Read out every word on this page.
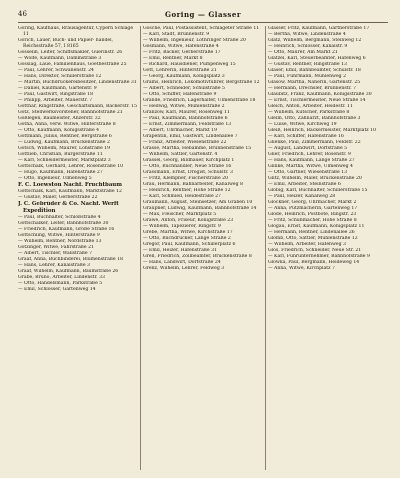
46	Goring — Glasser

Goring, Kaufhaus, Rrausagentur, Cypern Schlage 11

Gorich, Lauer, Buch- und Papier- handel, Reichsstraße 57, I 8165

Gosselin, Leiter, Schiffsmakler, Guerinstr. 26

— Wolfe, Kaufmann, Dammstraße 3

Gosslag, Laue, Familienhaus, Goethestraße 25

— Paul, Lehrer, Schwanenstr. 24

— Hans, Direktor, Schillerstraße 12

— Martin, Buchdruckereibesitzer, Lindenstraße 31

— Daniel, Kaufmann, Gartenstr. 9

— Paul, Gastwirt, Ringstraße 18

— Philipp, Arbeiter, Mauerstr. 7

Gotthar, Ringstraße, Geschäftsmann, Bäckerstr. 15

Götz, Stellwerksvorsteher, Bahnhofstraße 21

Goßlegen, Baumeister, Anzerstr. 32

Gotha, Anna, verw. Witwe, Hinterstraße 8

— Otto, Kaufmann, Königsstraße 4

Gottmann, Julius, Rentner, Bergstraße 6

— Ludwig, Kaufmann, Brückenstraße 2

Gotsch, Wilhelm, Maurer, Lohstraße 19

Gottlieb, Christian, Bürgerstraße 11

— Karl, Schneidermeister, Marktplatz 3

Gottschalk, Gerhard, Lehrer, Rosenstraße 10

— Hugo, Kaufmann, Hafenstraße 27

— Otto, Ingenieur, Ulmenweg 5

F. C. Loewston Nachf. Fruchtbaum

Gottschalk, Karl, Kaufmann, Marktstraße 12

— Gustav, Maler, Gerberstraße 22

J. C. Gebrüder & Co. Nachf. Werft Expedition

— Paul, Buchhalter, Schloßstraße 4

Gottschalker, Leiter, Bahnhofstraße 30

— Friedrich, Kaufmann, Große Straße 16

Gottschling, Witwe, Hinterstraße 9

— Wilhelm, Rentner, Nordstraße 13

Götzinger, Witwe, Fährstraße 21

— Albert, Tischler, Wallstraße 7

Graaf, Anna, Buchbinderei, Blumenstraße 18

— Hans, Lehrer, Kanalstraße 3

Graaf, Wilhelm, Kaufmann, Baumstraße 26

Grabe, Bruno, Arbeiter, Lindenstr. 33

— Otto, Handelsmann, Parkstraße 5

— Emil, Schlosser, Gartenweg 14

Gosche, Paul, Postassistent, Schlageter Straße 11

— Karl, Stadt, Brunnenstr. 9

— Wilhelm, Ingenieur, Lothringer Straße 20

Gosmann, Witwe, Hafenstraße 4

— Fritz, Bäcker, Gerberstraße 17

— Emil, Rentner, Markt 8

— Richard, Hausdiener, Pumpenweg 15

Gott, Lehrerin, Hinterstraße 21

— Georg, Kaufmann, Königsplatz 3

Grams, Heinrich, Lokomotivführer, Bergstraße 12

— Albert, Schneider, Schulstraße 5

— Otto, Schiffer, Hafenstraße 9

Grande, Friedrich, Lagerhalter, Ulmenstraße 18

— Hedwig, Witwe, Mühlenstraße 2

Granzow, Karl, Maurer, Rosenweg 11

— Paul, Kaufmann, Bahnhofstraße 6

— Ernst, Zimmermann, Feldstraße 13

— Albert, Uhrmacher, Markt 19

Grapentin, Emil, Gastwirt, Lindenallee 7

— Franz, Arbeiter, Wiesenstraße 22

Grasse, Martha, Hebamme, Brunnenstraße 15

— Wilhelm, Sattler, Gartenstr. 4

Grassel, Georg, Bildhauer, Kirchplatz 1

— Otto, Buchhändler, Neue Straße 16

Grassmann, Ernst, Drogist, Schulstr. 3

— Fritz, Klempner, Fischerstraße 20

Grau, Hermann, Bahnarbeiter, Kanalweg 8

— Heinrich, Rentner, Hohe Straße 12

— Karl, Schmied, Heidestraße 27

Graumann, August, Steinsetzer, Am Graben 10

Graupner, Ludwig, Kaufmann, Bahnhofstraße 14

— Max, Fleischer, Marktplatz 5

Grawe, Anton, Friseur, Königstraße 23

— Wilhelm, Tapezierer, Ringstr. 9

Grebe, Martha, Witwe, Kirchstraße 17

— Otto, Buchdrucker, Lange Straße 2

Gregor, Paul, Kaufmann, Schillerplatz 6

— Emil, Heizer, Hafenstraße 31

Grell, Friedrich, Zollbeamter, Brückenstraße 8

— Hans, Landwirt, Dorfstraße 24

Grenz, Wilhelm, Lehrer, Feldweg 3

Glässer, Fritz, Kaufmann, Gärtnerstraße 17

— Bertha, Witwe, Lindenstraße 4

Glatz, Wilhelm, Bergmann, Steinweg 12

— Heinrich, Schlosser, Kanalstr. 9

— Otto, Maurer, Am Markt 21

Glatzel, Karl, Steuerbeamter, Hafenweg 6

— Gustav, Rentner, Ringstraße 13

Gläser, Emil, Bahnbeamter, Schulstr. 18

— Paul, Fuhrmann, Mühlenweg 2

Glasow, Martha, Näherin, Gartenstr. 25

— Hermann, Drechsler, Brunnenstr. 7

Glaubitz, Franz, Kaufmann, Königsstraße 30

— Ernst, Tischlermeister, Neue Straße 14

Gleich, Anton, Arbeiter, Heidestr. 11

— Wilhelm, Kutscher, Parkstraße 8

Gleim, Otto, Zahnarzt, Bahnhofstraße 3

— Luise, Witwe, Kirchweg 19

Gleiß, Heinrich, Bäckermeister, Marktplatz 10

— Karl, Schiffer, Hafenstraße 16

Glienke, Paul, Zimmermann, Feldstr. 22

— August, Landwirt, Dorfstraße 5

Glier, Friedrich, Lehrer, Rosenstr. 9

— Hans, Kaufmann, Lange Straße 27

Glinke, Martha, Witwe, Ulmenweg 4

— Otto, Gärtner, Wiesenstraße 13

Glitz, Wilhelm, Maler, Brückenstraße 20

— Emil, Arbeiter, Steinstraße 6

Globig, Karl, Buchhalter, Schillerstraße 15

— Paul, Heizer, Kanalweg 28

Glöckner, Georg, Uhrmacher, Markt 2

— Anna, Putzmacherin, Gartenweg 17

Glode, Heinrich, Postbote, Ringstr. 23

— Fritz, Schuhmacher, Hohe Straße 8

Glogau, Ernst, Kaufmann, Königsplatz 11

— Hermann, Rentner, Lindenallee 26

Glomb, Otto, Sattler, Mühlenstraße 12

— Wilhelm, Arbeiter, Hafenweg 3

Glos, Friedrich, Schneider, Neue Str. 21

— Karl, Fuhrunternehmer, Bahnhofstraße 9

Glowka, Paul, Bergmann, Heideweg 14

— Anna, Witwe, Kirchplatz 7
